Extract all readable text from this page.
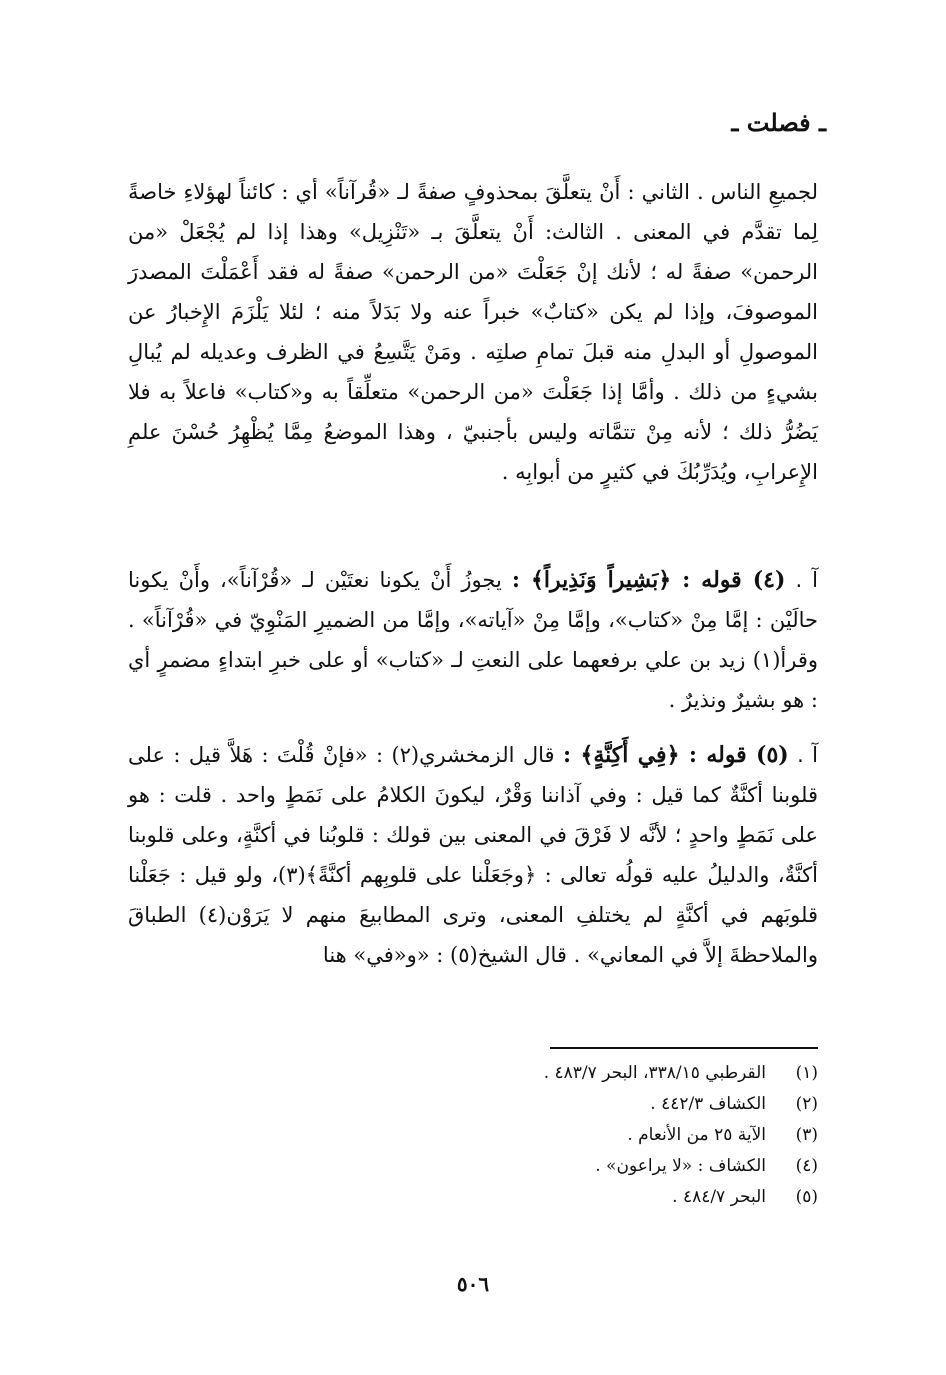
ـ فصلت ـ

لجميعِ الناس . الثاني : أَنْ يتعلَّقَ بمحذوفٍ صفةً لـ «قُرآناً» أي : كائناً لهؤلاءِ خاصةً لِما تقدَّم في المعنى . الثالث: أَنْ يتعلَّقَ بـ «تَنْزِيل» وهذا إذا لم يُجْعَلْ «من الرحمن» صفةً له ؛ لأنك إنْ جَعَلْتَ «من الرحمن» صفةً له فقد أَعْمَلْتَ المصدرَ الموصوفَ، وإذا لم يكن «كتابٌ» خبراً عنه ولا بَدَلاً منه ؛ لئلا يَلْزَمَ الإِخبارُ عن الموصولِ أو البدلِ منه قبلَ تمامِ صلتِه . ومَنْ يَتَّسِعُ في الظرف وعديله لم يُبالِ بشيءٍ من ذلك . وأمَّا إذا جَعَلْتَ «من الرحمن» متعلِّقاً به و«كتاب» فاعلاً به فلا يَضُرُّ ذلك ؛ لأنه مِنْ تتمَّاته وليس بأجنبيّ ، وهذا الموضعُ مِمَّا يُظْهِرُ حُسْنَ علمِ الإِعرابِ، ويُدَرِّبُكَ في كثيرٍ من أبوابِه .

آ . (٤) قوله : ﴿بَشِيراً وَنَذِيراً﴾ : يجوزُ أَنْ يكونا نعتَيْن لـ «قُرْآناً»، وأَنْ يكونا حالَيْن : إمَّا مِنْ «كتاب»، وإمَّا مِنْ «آياته»، وإمَّا من الضميرِ المَنْوِيّ في «قُرْآناً» . وقرأ(١) زيد بن علي برفعهما على النعتِ لـ «كتاب» أو على خبرِ ابتداءٍ مضمرٍ أي : هو بشيرٌ ونذيرٌ .

آ . (٥) قوله : ﴿فِي أَكِنَّةٍ﴾ : قال الزمخشري(٢) : «فإنْ قُلْتَ : هَلاَّ قيل : على قلوبنا أكنَّةٌ كما قيل : وفي آذاننا وَقْرٌ، ليكونَ الكلامُ على نَمَطٍ واحد . قلت : هو على نَمَطٍ واحدٍ ؛ لأنَّه لا فَرْقَ في المعنى بين قولك : قلوبُنا في أكنَّةٍ، وعلى قلوبنا أكنَّةٌ، والدليلُ عليه قولُه تعالى : ﴿وجَعَلْنا على قلوبِهم أكنَّةً﴾(٣)، ولو قيل : جَعَلْنا قلوبَهم في أكنَّةٍ لم يختلفِ المعنى، وترى المطابيعَ منهم لا يَرَوْن(٤) الطباقَ والملاحظةَ إلاَّ في المعاني» . قال الشيخ(٥) : «و«في» هنا

(١)
القرطبي ٣٣٨/١٥، البحر ٤٨٣/٧ .
(٢)
الكشاف ٤٤٢/٣ .
(٣)
الآية ٢٥ من الأنعام .
(٤)
الكشاف : «لا يراعون» .
(٥)
البحر ٤٨٤/٧ .
٥٠٦
